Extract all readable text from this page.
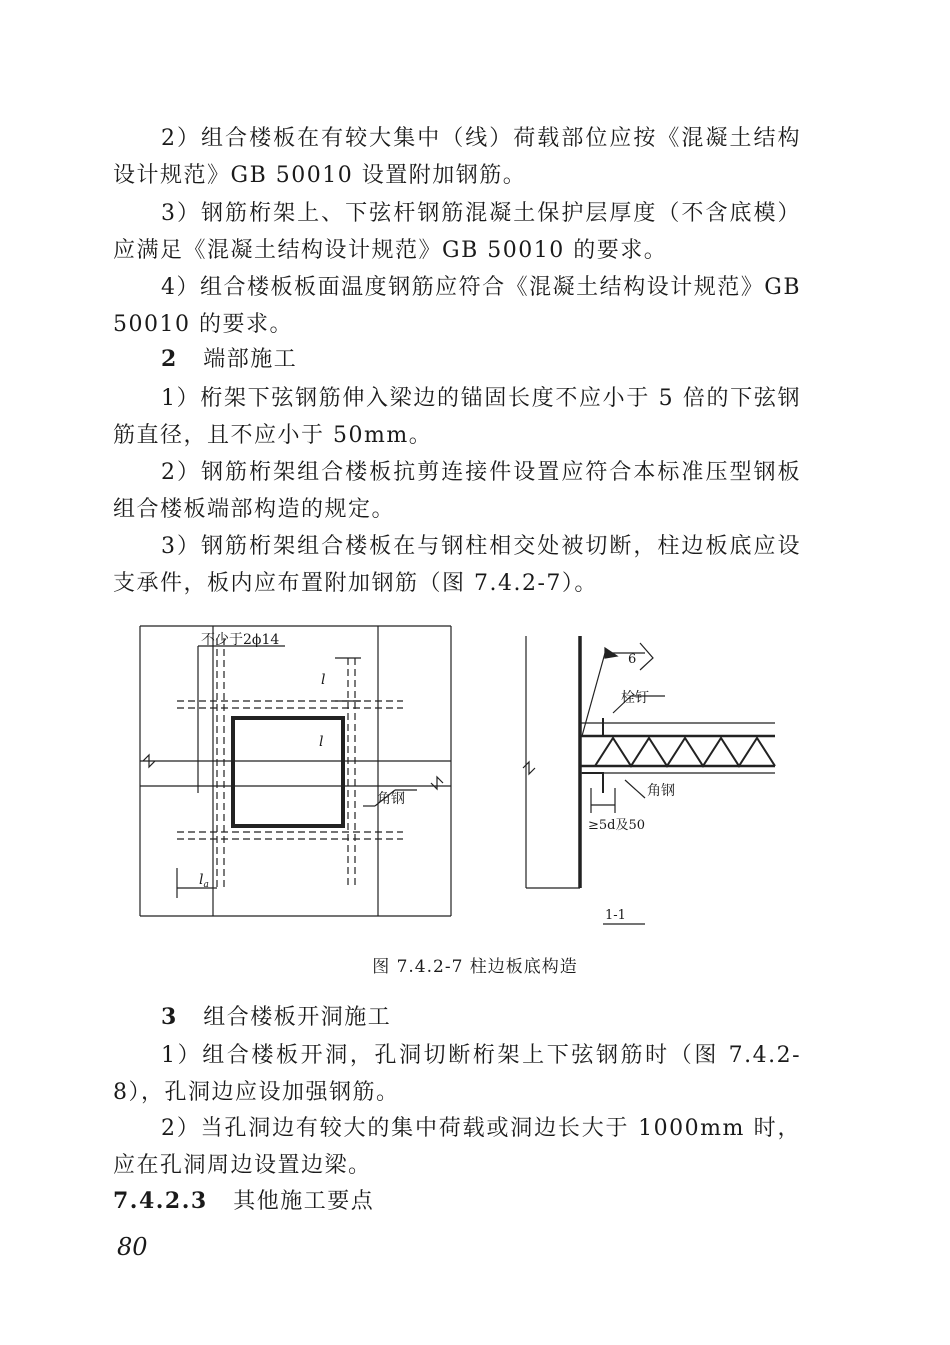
2）组合楼板在有较大集中（线）荷载部位应按《混凝土结构设计规范》GB 50010 设置附加钢筋。

3）钢筋桁架上、下弦杆钢筋混凝土保护层厚度（不含底模）应满足《混凝土结构设计规范》GB 50010 的要求。

4）组合楼板板面温度钢筋应符合《混凝土结构设计规范》GB 50010 的要求。

2 端部施工

1）桁架下弦钢筋伸入梁边的锚固长度不应小于 5 倍的下弦钢筋直径，且不应小于 50mm。

2）钢筋桁架组合楼板抗剪连接件设置应符合本标准压型钢板组合楼板端部构造的规定。

3）钢筋桁架组合楼板在与钢柱相交处被切断，柱边板底应设支承件，板内应布置附加钢筋（图 7.4.2-7）。

不少于2ϕ14
l
l
角钢
$l_a$
6
栓钉
角钢
≥5d及50
1-1
图 7.4.2-7 柱边板底构造
3 组合楼板开洞施工

1）组合楼板开洞，孔洞切断桁架上下弦钢筋时（图 7.4.2-8），孔洞边应设加强钢筋。

2）当孔洞边有较大的集中荷载或洞边长大于 1000mm 时，应在孔洞周边设置边梁。

7.4.2.3 其他施工要点
80
